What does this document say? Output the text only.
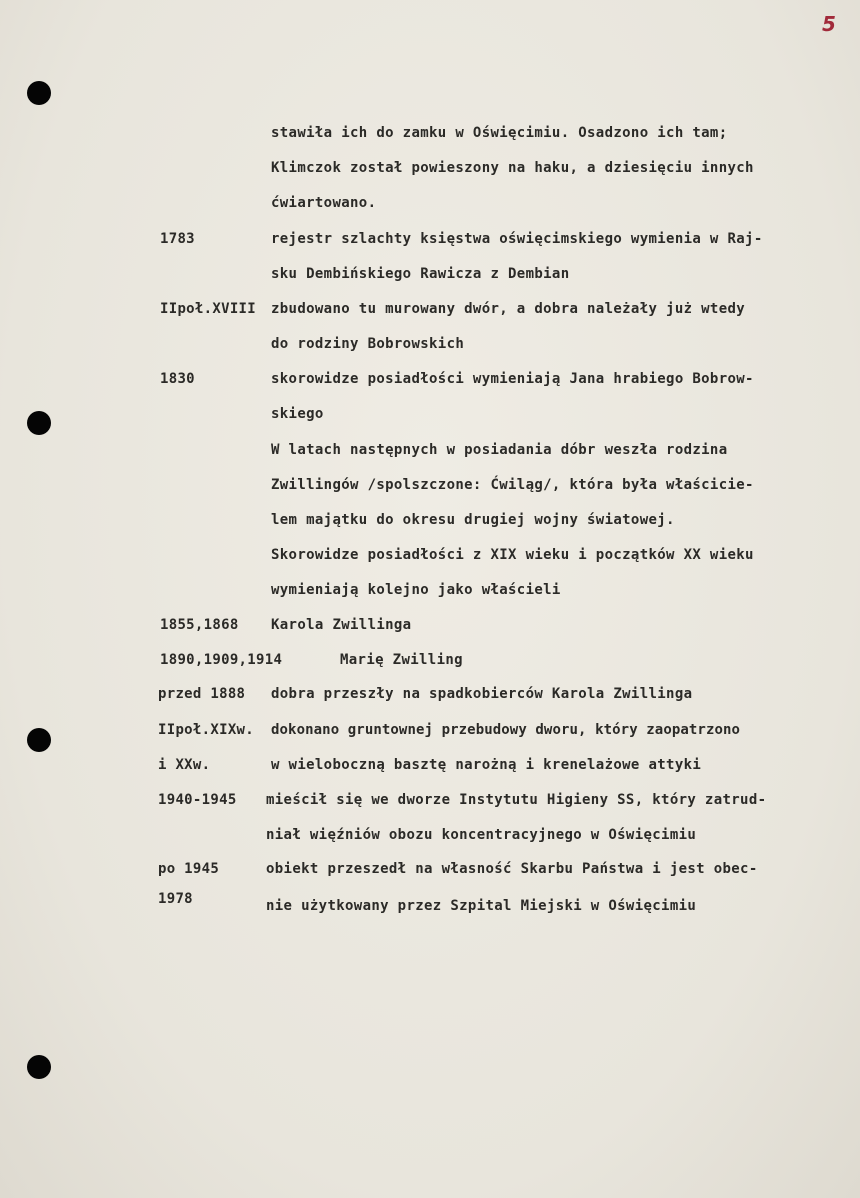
5
stawiła ich do zamku w Oświęcimiu. Osadzono ich tam;
Klimczok został powieszony na haku, a dziesięciu innych
ćwiartowano.
1783	rejestr szlachty księstwa oświęcimskiego wymienia w Raj-
sku Dembińskiego Rawicza z Dembian
IIpoł.XVIII zbudowano tu murowany dwór, a dobra należały już wtedy
do rodziny Bobrowskich
1830	skorowidze posiadłości wymieniają Jana hrabiego Bobrow-
skiego
W latach następnych w posiadania dóbr weszła rodzina
Zwillingów /spolszczone: Ćwiląg/, która była właściciе-
lem majątku do okresu drugiej wojny światowej.
Skorowidze posiadłości z XIX wieku i początków XX wieku
wymieniają kolejno jako właścieli
1855,1868 Karola Zwillinga
1890,1909,1914	Marię Zwilling
przed 1888 dobra przeszły na spadkobierców Karola Zwillinga
IIpoł.XIXw. dokonano gruntownej przebudowy dworu, który zaopatrzono
i XXw.	w wieloboczną basztę narożną i krenelażowe attyki
1940-1945 mieścił się we dworze Instytutu Higieny SS, który zatrud-
niał więźniów obozu koncentracyjnego w Oświęcimiu
po 1945	obiekt przeszedł na własność Skarbu Państwa i jest obec-
1978	nie użytkowany przez Szpital Miejski w Oświęcimiu
